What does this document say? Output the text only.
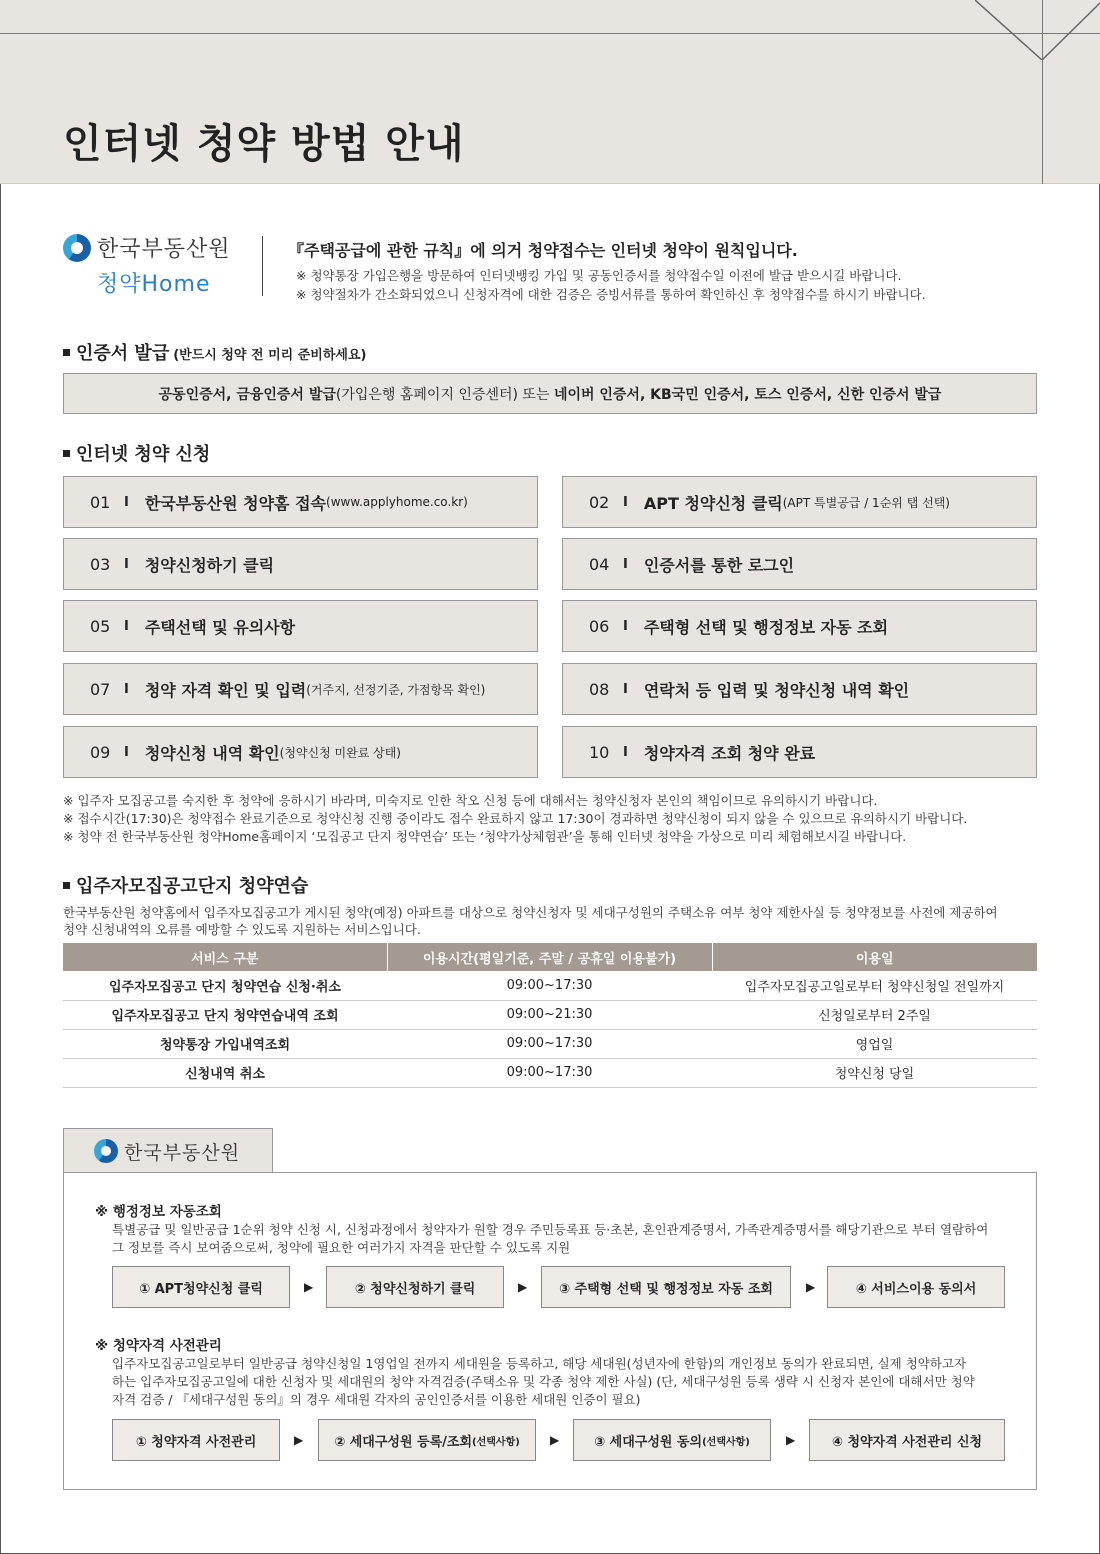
인터넷 청약 방법 안내
한국부동산원
청약Home
『주택공급에 관한 규칙』에 의거 청약접수는 인터넷 청약이 원칙입니다.
※ 청약통장 가입은행을 방문하여 인터넷뱅킹 가입 및 공동인증서를 청약접수일 이전에 발급 받으시길 바랍니다.
※ 청약절차가 간소화되었으니 신청자격에 대한 검증은 증빙서류를 통하여 확인하신 후 청약접수를 하시기 바랍니다.
인증서 발급 (반드시 청약 전 미리 준비하세요)
공동인증서, 금융인증서 발급 (가입은행 홈페이지 인증센터) 또는 네이버 인증서, KB국민 인증서, 토스 인증서, 신한 인증서 발급
인터넷 청약 신청
01 I 한국부동산원 청약홈 접속 (www.applyhome.co.kr)	02 I APT 청약신청 클릭 (APT 특별공급 / 1순위 탭 선택)
03 I 청약신청하기 클릭	04 I 인증서를 통한 로그인
05 I 주택선택 및 유의사항	06 I 주택형 선택 및 행정정보 자동 조회
07 I 청약 자격 확인 및 입력 (거주지, 선정기준, 가점항목 확인)	08 I 연락처 등 입력 및 청약신청 내역 확인
09 I 청약신청 내역 확인 (청약신청 미완료 상태)	10 I 청약자격 조회 청약 완료
※ 입주자 모집공고를 숙지한 후 청약에 응하시기 바라며, 미숙지로 인한 착오 신청 등에 대해서는 청약신청자 본인의 책임이므로 유의하시기 바랍니다.
※ 접수시간(17:30)은 청약접수 완료기준으로 청약신청 진행 중이라도 접수 완료하지 않고 17:30이 경과하면 청약신청이 되지 않을 수 있으므로 유의하시기 바랍니다.
※ 청약 전 한국부동산원 청약Home홈페이지 ‘모집공고 단지 청약연습’ 또는 ‘청약가상체험관’을 통해 인터넷 청약을 가상으로 미리 체험해보시길 바랍니다.
입주자모집공고단지 청약연습
한국부동산원 청약홈에서 입주자모집공고가 게시된 청약(예정) 아파트를 대상으로 청약신청자 및 세대구성원의 주택소유 여부 청약 제한사실 등 청약정보를 사전에 제공하여
청약 신청내역의 오류를 예방할 수 있도록 지원하는 서비스입니다.
서비스 구분	이용시간(평일기준, 주말 / 공휴일 이용불가)	이용일
입주자모집공고 단지 청약연습 신청·취소	09:00~17:30	입주자모집공고일로부터 청약신청일 전일까지
입주자모집공고 단지 청약연습내역 조회	09:00~21:30	신청일로부터 2주일
청약통장 가입내역조회	09:00~17:30	영업일
신청내역 취소	09:00~17:30	청약신청 당일
한국부동산원
※ 행정정보 자동조회
특별공급 및 일반공급 1순위 청약 신청 시, 신청과정에서 청약자가 원할 경우 주민등록표 등·초본, 혼인관계증명서, 가족관계증명서를 해당기관으로 부터 열람하여
그 정보를 즉시 보여줌으로써, 청약에 필요한 여러가지 자격을 판단할 수 있도록 지원
① APT청약신청 클릭	▶	② 청약신청하기 클릭	▶	③ 주택형 선택 및 행정정보 자동 조회	▶	④ 서비스이용 동의서
※ 청약자격 사전관리
입주자모집공고일로부터 일반공급 청약신청일 1영업일 전까지 세대원을 등록하고, 해당 세대원(성년자에 한함)의 개인정보 동의가 완료되면, 실제 청약하고자
하는 입주자모집공고일에 대한 신청자 및 세대원의 청약 자격검증(주택소유 및 각종 청약 제한 사실) (단, 세대구성원 등록 생략 시 신청자 본인에 대해서만 청약
자격 검증 / 『세대구성원 동의』의 경우 세대원 각자의 공인인증서를 이용한 세대원 인증이 필요)
① 청약자격 사전관리	▶ ② 세대구성원 등록/조회 (선택사항)	▶	③ 세대구성원 동의 (선택사항)	▶	④ 청약자격 사전관리 신청
